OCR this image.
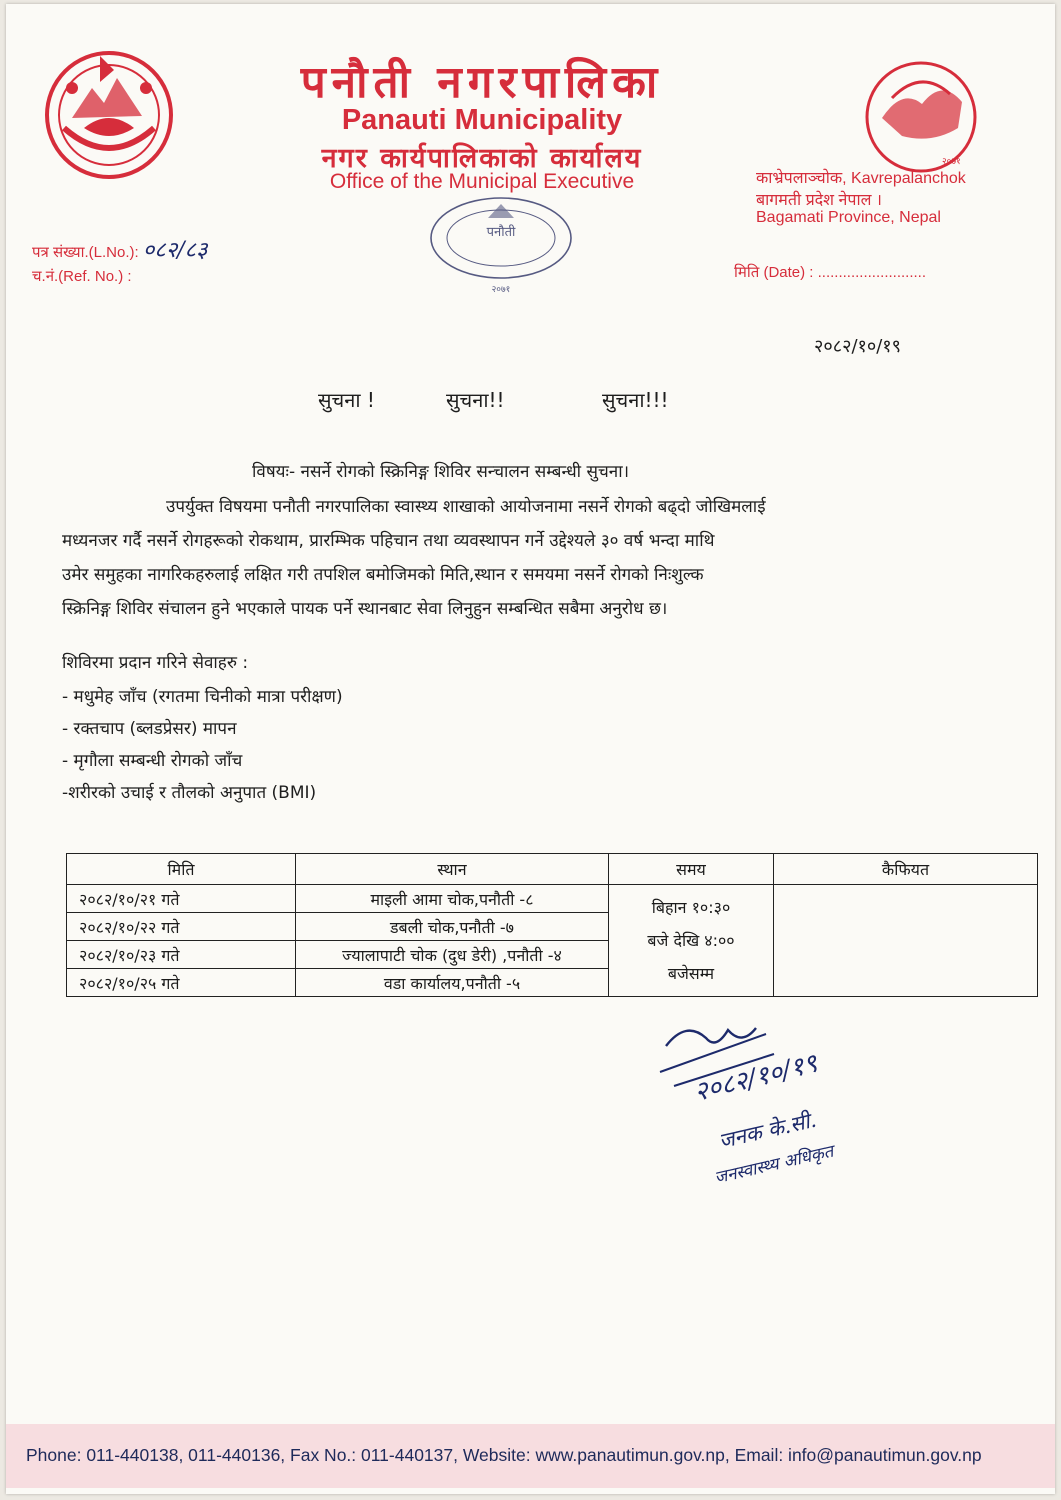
पनौती नगरपालिका
Panauti Municipality
नगर कार्यपालिकाको कार्यालय
Office of the Municipal Executive
२०७१
काभ्रेपलाञ्चोक, Kavrepalanchok
बागमती प्रदेश नेपाल ।
Bagamati Province, Nepal
पत्र संख्या.(L.No.): ०८२/८३
च.नं.(Ref. No.) :	मिति (Date) : ..........................
पनौती
२०७१
२०८२/१०/१९
सुचना !	सुचना!!	सुचना!!!
विषयः- नसर्ने रोगको स्क्रिनिङ्ग शिविर सन्चालन सम्बन्धी सुचना।
उपर्युक्त विषयमा पनौती नगरपालिका स्वास्थ्य शाखाको आयोजनामा नसर्ने रोगको बढ्दो जोखिमलाई
मध्यनजर गर्दै नसर्ने रोगहरूको रोकथाम, प्रारम्भिक पहिचान तथा व्यवस्थापन गर्ने उद्देश्यले ३० वर्ष भन्दा माथि
उमेर समुहका नागरिकहरुलाई लक्षित गरी तपशिल बमोजिमको मिति,स्थान र समयमा नसर्ने रोगको निःशुल्क
स्क्रिनिङ्ग शिविर संचालन हुने भएकाले पायक पर्ने स्थानबाट सेवा लिनुहुन सम्बन्धित सबैमा अनुरोध छ।
शिविरमा प्रदान गरिने सेवाहरु :
- मधुमेह जाँच (रगतमा चिनीको मात्रा परीक्षण)
- रक्तचाप (ब्लडप्रेसर) मापन
- मृगौला सम्बन्धी रोगको जाँच
-शरीरको उचाई र तौलको अनुपात (BMI)
मिति	स्थान	समय	कैफियत
२०८२/१०/२१ गते	माइली आमा चोक,पनौती -८	बिहान १०:३०
बजे देखि ४:००
बजेसम्म	

२०८२/१०/२२ गते	डबली चोक,पनौती -७		
२०८२/१०/२३ गते	ज्यालापाटी चोक (दुध डेरी) ,पनौती -४		
२०८२/१०/२५ गते	वडा कार्यालय,पनौती -५		
२०८२/१०/१९
जनक के.सी.
जनस्वास्थ्य अधिकृत
Phone: 011-440138, 011-440136, Fax No.: 011-440137, Website: www.panautimun.gov.np, Email: info@panautimun.gov.np
